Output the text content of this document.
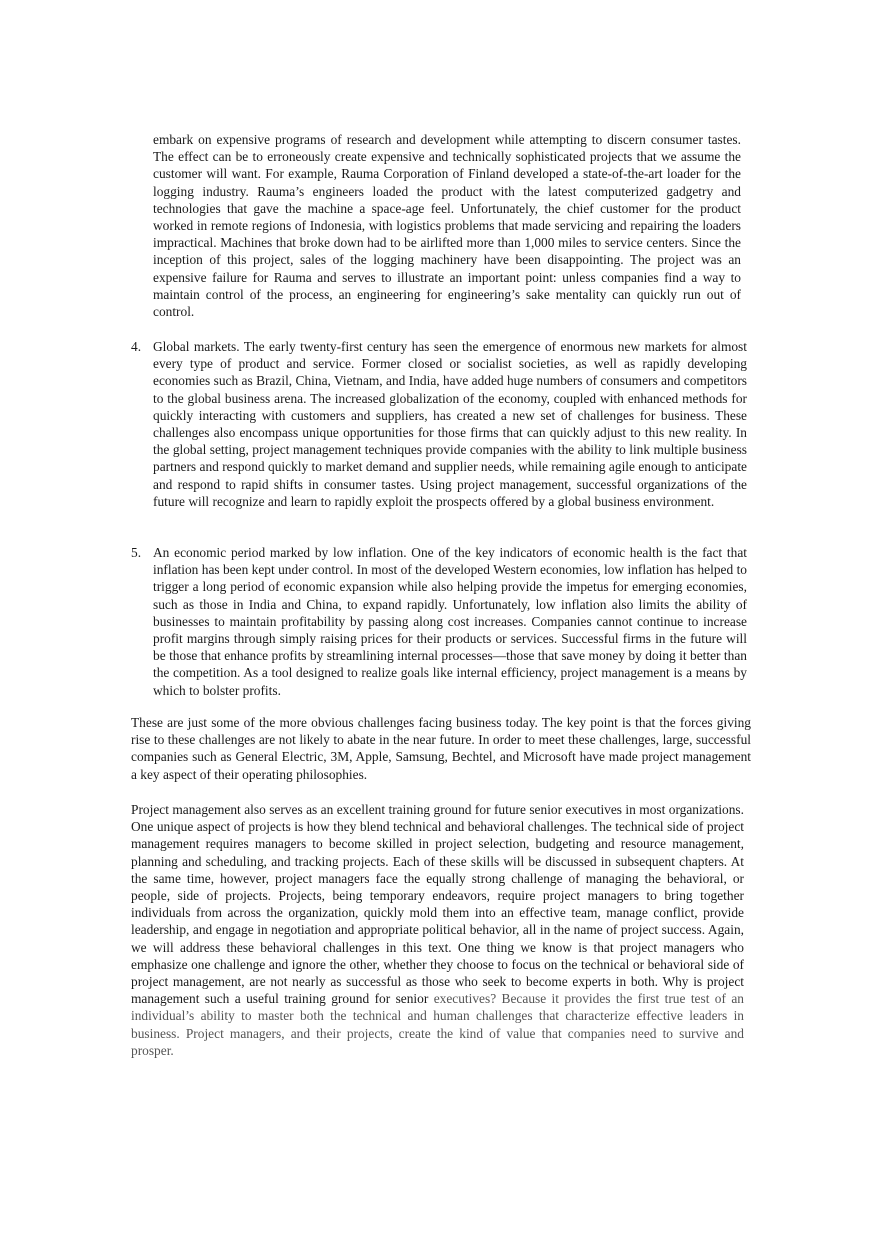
embark on expensive programs of research and development while attempting to discern consumer tastes. The effect can be to erroneously create expensive and technically sophisticated projects that we assume the customer will want. For example, Rauma Corporation of Finland developed a state-of-the-art loader for the logging industry. Rauma’s engineers loaded the product with the latest computerized gadgetry and technologies that gave the machine a space-age feel. Unfortunately, the chief customer for the product worked in remote regions of Indonesia, with logistics problems that made servicing and repairing the loaders impractical. Machines that broke down had to be airlifted more than 1,000 miles to service centers. Since the inception of this project, sales of the logging machinery have been disappointing. The project was an expensive failure for Rauma and serves to illustrate an important point: unless companies find a way to maintain control of the process, an engineering for engineering’s sake mentality can quickly run out of control.

4. Global markets. The early twenty-first century has seen the emergence of enormous new markets for almost every type of product and service. Former closed or socialist societies, as well as rapidly developing economies such as Brazil, China, Vietnam, and India, have added huge numbers of consumers and competitors to the global business arena. The increased globalization of the economy, coupled with enhanced methods for quickly interacting with customers and suppliers, has created a new set of challenges for business. These challenges also encompass unique opportunities for those firms that can quickly adjust to this new reality. In the global setting, project management techniques provide companies with the ability to link multiple business partners and respond quickly to market demand and supplier needs, while remaining agile enough to anticipate and respond to rapid shifts in consumer tastes. Using project management, successful organizations of the future will recognize and learn to rapidly exploit the prospects offered by a global business environment.

5. An economic period marked by low inflation. One of the key indicators of economic health is the fact that inflation has been kept under control. In most of the developed Western economies, low inflation has helped to trigger a long period of economic expansion while also helping provide the impetus for emerging economies, such as those in India and China, to expand rapidly. Unfortunately, low inflation also limits the ability of businesses to maintain profitability by passing along cost increases. Companies cannot continue to increase profit margins through simply raising prices for their products or services. Successful firms in the future will be those that enhance profits by streamlining internal processes—those that save money by doing it better than the competition. As a tool designed to realize goals like internal efficiency, project management is a means by which to bolster profits.

These are just some of the more obvious challenges facing business today. The key point is that the forces giving rise to these challenges are not likely to abate in the near future. In order to meet these challenges, large, successful companies such as General Electric, 3M, Apple, Samsung, Bechtel, and Microsoft have made project management a key aspect of their operating philosophies.

Project management also serves as an excellent training ground for future senior executives in most organizations. One unique aspect of projects is how they blend technical and behavioral challenges. The technical side of project management requires managers to become skilled in project selection, budgeting and resource management, planning and scheduling, and tracking projects. Each of these skills will be discussed in subsequent chapters. At the same time, however, project managers face the equally strong challenge of managing the behavioral, or people, side of projects. Projects, being temporary endeavors, require project managers to bring together individuals from across the organization, quickly mold them into an effective team, manage conflict, provide leadership, and engage in negotiation and appropriate political behavior, all in the name of project success. Again, we will address these behavioral challenges in this text. One thing we know is that project managers who emphasize one challenge and ignore the other, whether they choose to focus on the technical or behavioral side of project management, are not nearly as successful as those who seek to become experts in both. Why is project management such a useful training ground for senior executives? Because it provides the first true test of an individual’s ability to master both the technical and human challenges that characterize effective leaders in business. Project managers, and their projects, create the kind of value that companies need to survive and prosper.
